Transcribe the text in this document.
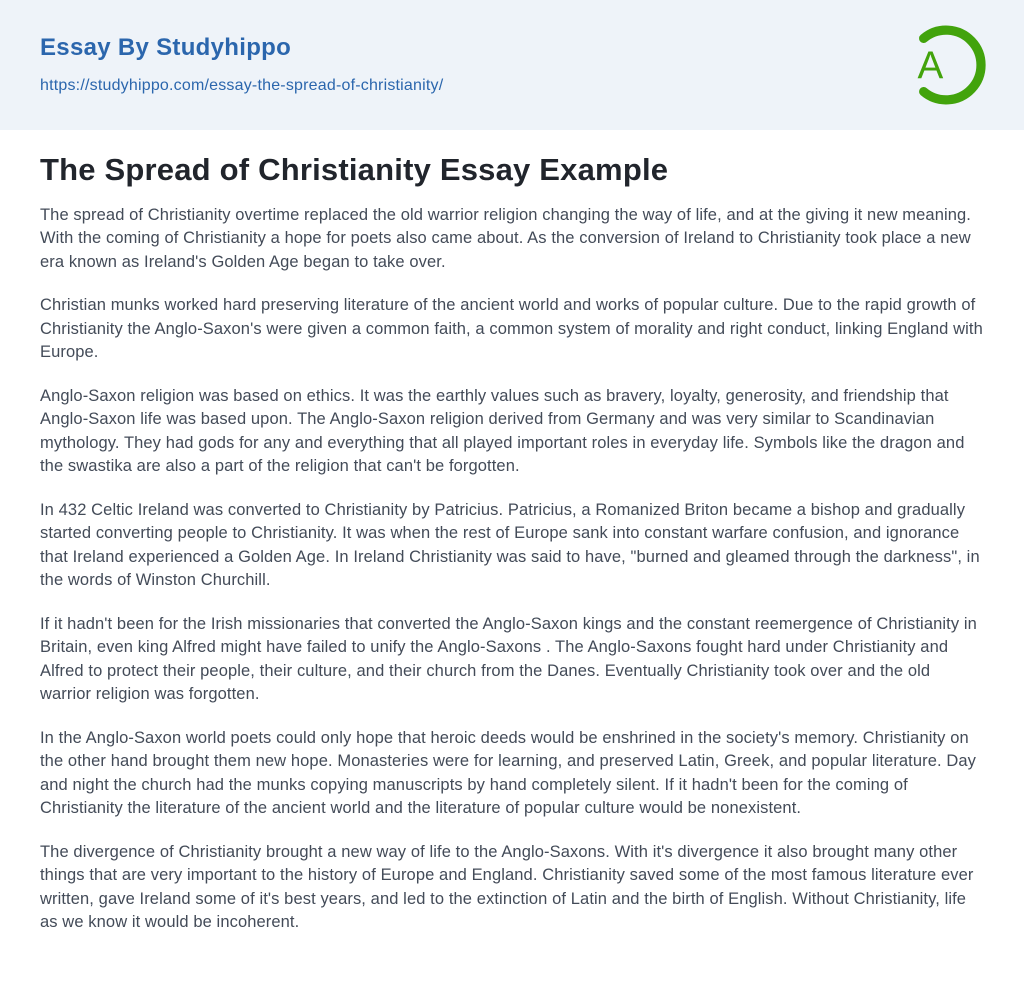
Essay By Studyhippo
https://studyhippo.com/essay-the-spread-of-christianity/	A
The Spread of Christianity Essay Example

The spread of Christianity overtime replaced the old warrior religion changing the way of life, and at the giving it new meaning. With the coming of Christianity a hope for poets also came about. As the conversion of Ireland to Christianity took place a new era known as Ireland's Golden Age began to take over.

Christian munks worked hard preserving literature of the ancient world and works of popular culture. Due to the rapid growth of Christianity the Anglo-Saxon's were given a common faith, a common system of morality and right conduct, linking England with Europe.

Anglo-Saxon religion was based on ethics. It was the earthly values such as bravery, loyalty, generosity, and friendship that Anglo-Saxon life was based upon. The Anglo-Saxon religion derived from Germany and was very similar to Scandinavian mythology. They had gods for any and everything that all played important roles in everyday life. Symbols like the dragon and the swastika are also a part of the religion that can't be forgotten.

In 432 Celtic Ireland was converted to Christianity by Patricius. Patricius, a Romanized Briton became a bishop and gradually started converting people to Christianity. It was when the rest of Europe sank into constant warfare confusion, and ignorance that Ireland experienced a Golden Age. In Ireland Christianity was said to have, "burned and gleamed through the darkness", in the words of Winston Churchill.

If it hadn't been for the Irish missionaries that converted the Anglo-Saxon kings and the constant reemergence of Christianity in Britain, even king Alfred might have failed to unify the Anglo-Saxons . The Anglo-Saxons fought hard under Christianity and Alfred to protect their people, their culture, and their church from the Danes. Eventually Christianity took over and the old warrior religion was forgotten.

In the Anglo-Saxon world poets could only hope that heroic deeds would be enshrined in the society's memory. Christianity on the other hand brought them new hope. Monasteries were for learning, and preserved Latin, Greek, and popular literature. Day and night the church had the munks copying manuscripts by hand completely silent. If it hadn't been for the coming of Christianity the literature of the ancient world and the literature of popular culture would be nonexistent.

The divergence of Christianity brought a new way of life to the Anglo-Saxons. With it's divergence it also brought many other things that are very important to the history of Europe and England. Christianity saved some of the most famous literature ever written, gave Ireland some of it's best years, and led to the extinction of Latin and the birth of English. Without Christianity, life as we know it would be incoherent.
